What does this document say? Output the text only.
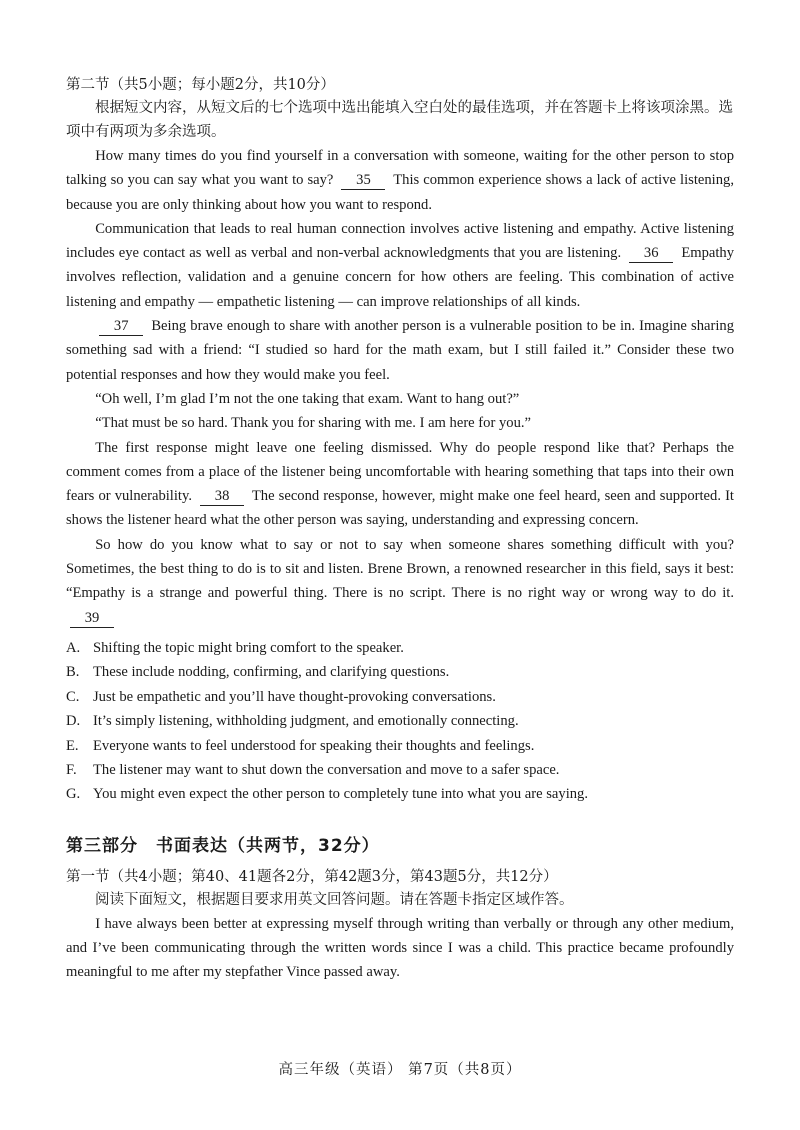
第二节（共5小题；每小题2分，共10分）

根据短文内容，从短文后的七个选项中选出能填入空白处的最佳选项，并在答题卡上将该项涂黑。选项中有两项为多余选项。

How many times do you find yourself in a conversation with someone, waiting for the other person to stop talking so you can say what you want to say? 35 This common experience shows a lack of active listening, because you are only thinking about how you want to respond.

Communication that leads to real human connection involves active listening and empathy. Active listening includes eye contact as well as verbal and non-verbal acknowledgments that you are listening. 36 Empathy involves reflection, validation and a genuine concern for how others are feeling. This combination of active listening and empathy — empathetic listening — can improve relationships of all kinds.

37 Being brave enough to share with another person is a vulnerable position to be in. Imagine sharing something sad with a friend: “I studied so hard for the math exam, but I still failed it.” Consider these two potential responses and how they would make you feel.

“Oh well, I’m glad I’m not the one taking that exam. Want to hang out?”

“That must be so hard. Thank you for sharing with me. I am here for you.”

The first response might leave one feeling dismissed. Why do people respond like that? Perhaps the comment comes from a place of the listener being uncomfortable with hearing something that taps into their own fears or vulnerability. 38 The second response, however, might make one feel heard, seen and supported. It shows the listener heard what the other person was saying, understanding and expressing concern.

So how do you know what to say or not to say when someone shares something difficult with you? Sometimes, the best thing to do is to sit and listen. Brene Brown, a renowned researcher in this field, says it best: “Empathy is a strange and powerful thing. There is no script. There is no right way or wrong way to do it. 39

A. Shifting the topic might bring comfort to the speaker.

B. These include nodding, confirming, and clarifying questions.

C. Just be empathetic and you’ll have thought-provoking conversations.

D. It’s simply listening, withholding judgment, and emotionally connecting.

E. Everyone wants to feel understood for speaking their thoughts and feelings.

F. The listener may want to shut down the conversation and move to a safer space.

G. You might even expect the other person to completely tune into what you are saying.

第三部分 书面表达（共两节，32分）

第一节（共4小题；第40、41题各2分，第42题3分，第43题5分，共12分）

阅读下面短文，根据题目要求用英文回答问题。请在答题卡指定区域作答。

I have always been better at expressing myself through writing than verbally or through any other medium, and I’ve been communicating through the written words since I was a child. This practice became profoundly meaningful to me after my stepfather Vince passed away.

高三年级（英语） 第7页（共8页）
